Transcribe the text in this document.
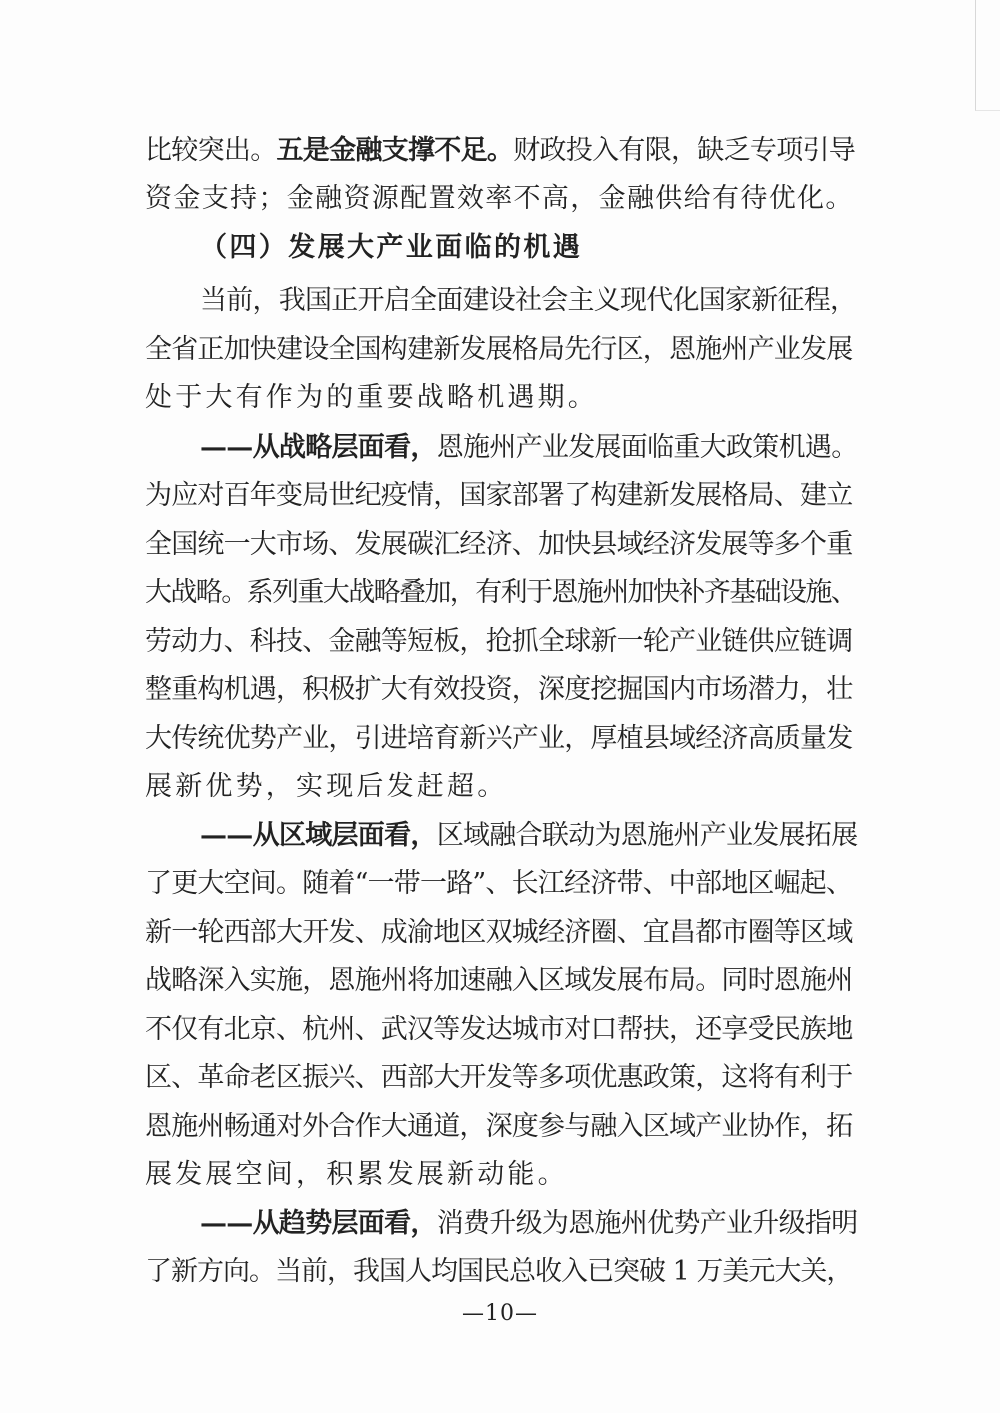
比较突出。五是金融支撑不足。财政投入有限，缺乏专项引导
资金支持；金融资源配置效率不高，金融供给有待优化。
（四）发展大产业面临的机遇
当前，我国正开启全面建设社会主义现代化国家新征程，
全省正加快建设全国构建新发展格局先行区，恩施州产业发展
处于大有作为的重要战略机遇期。
——从战略层面看，恩施州产业发展面临重大政策机遇。
为应对百年变局世纪疫情，国家部署了构建新发展格局、建立
全国统一大市场、发展碳汇经济、加快县域经济发展等多个重
大战略。系列重大战略叠加，有利于恩施州加快补齐基础设施、
劳动力、科技、金融等短板，抢抓全球新一轮产业链供应链调
整重构机遇，积极扩大有效投资，深度挖掘国内市场潜力，壮
大传统优势产业，引进培育新兴产业，厚植县域经济高质量发
展新优势，实现后发赶超。
——从区域层面看，区域融合联动为恩施州产业发展拓展
了更大空间。随着“一带一路”、长江经济带、中部地区崛起、
新一轮西部大开发、成渝地区双城经济圈、宜昌都市圈等区域
战略深入实施，恩施州将加速融入区域发展布局。同时恩施州
不仅有北京、杭州、武汉等发达城市对口帮扶，还享受民族地
区、革命老区振兴、西部大开发等多项优惠政策，这将有利于
恩施州畅通对外合作大通道，深度参与融入区域产业协作，拓
展发展空间，积累发展新动能。
——从趋势层面看，消费升级为恩施州优势产业升级指明
了新方向。当前，我国人均国民总收入已突破 1 万美元大关，
—10—
